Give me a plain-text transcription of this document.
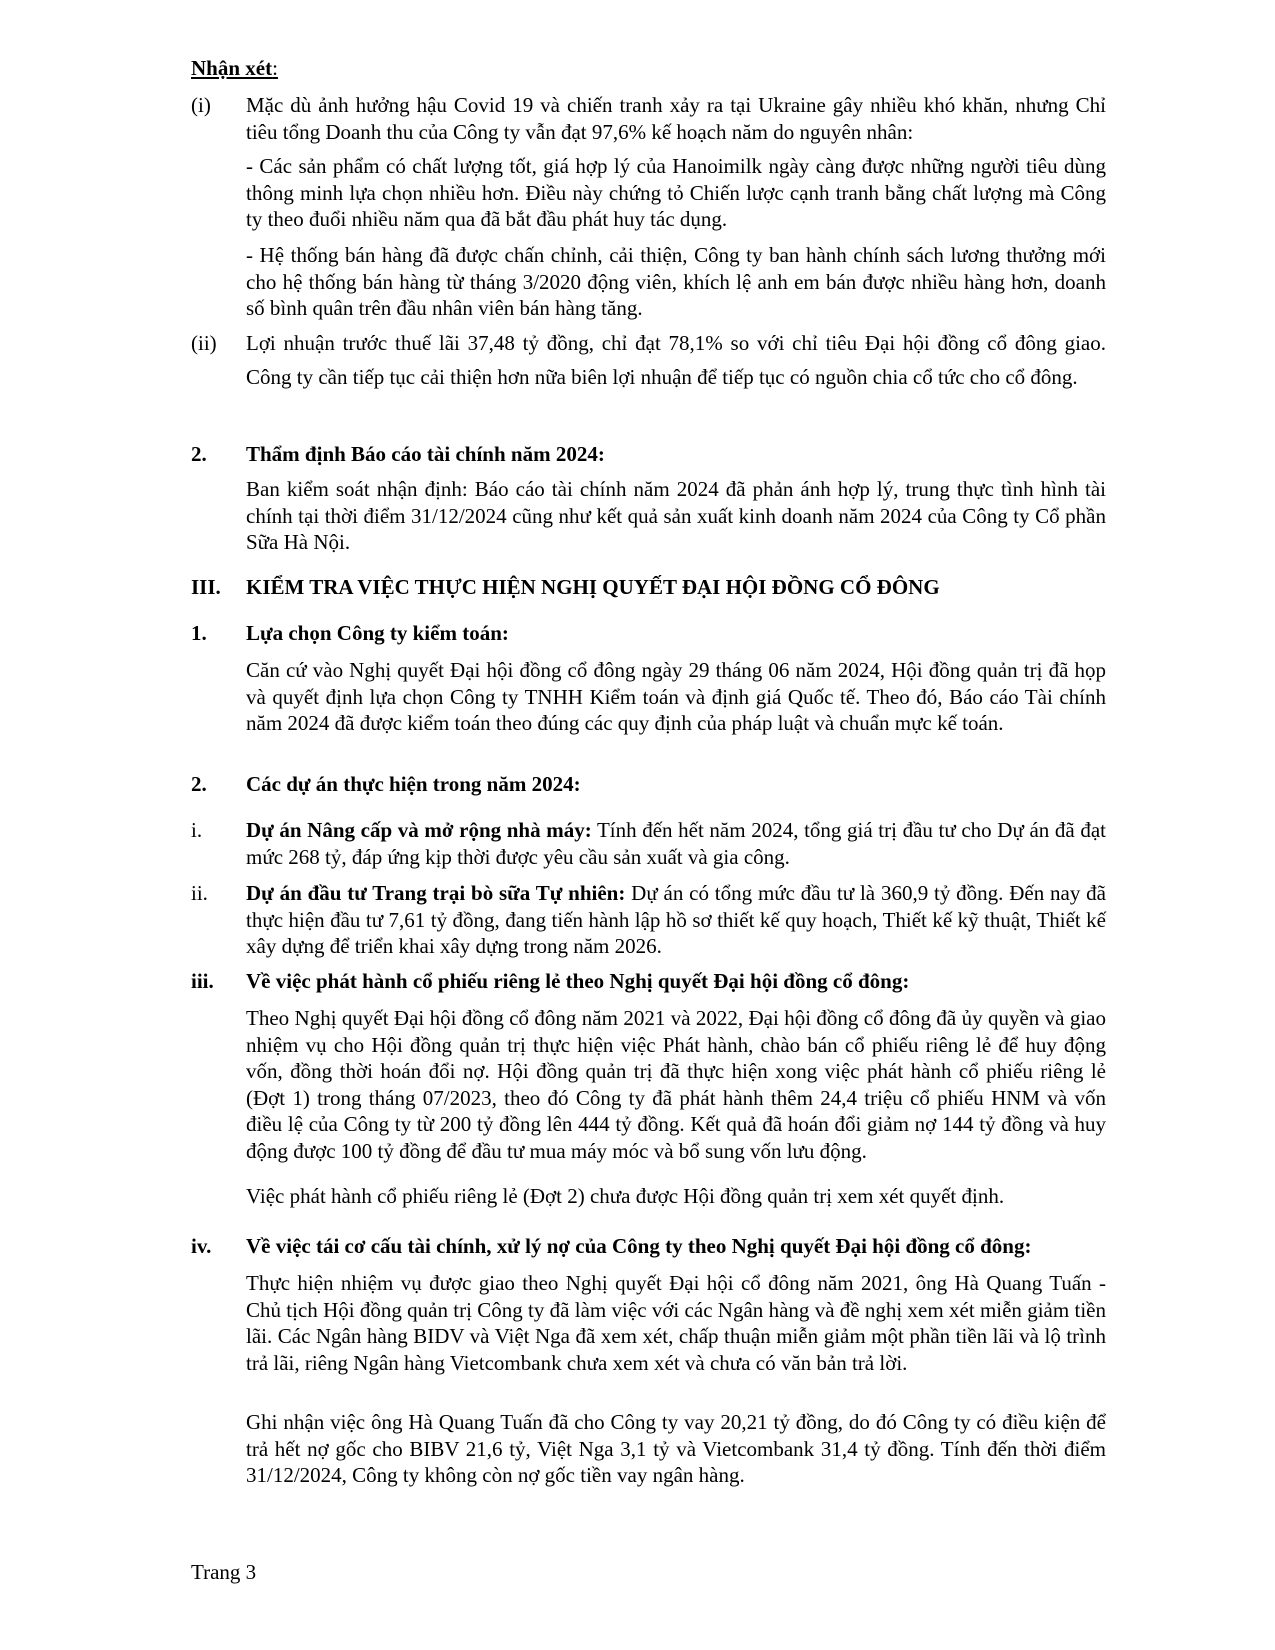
Nhận xét:
(i)	Mặc dù ảnh hưởng hậu Covid 19 và chiến tranh xảy ra tại Ukraine gây nhiều khó khăn, nhưng Chỉ tiêu tổng Doanh thu của Công ty vẫn đạt 97,6% kế hoạch năm do nguyên nhân:
- Các sản phẩm có chất lượng tốt, giá hợp lý của Hanoimilk ngày càng được những người tiêu dùng thông minh lựa chọn nhiều hơn. Điều này chứng tỏ Chiến lược cạnh tranh bằng chất lượng mà Công ty theo đuổi nhiều năm qua đã bắt đầu phát huy tác dụng.
- Hệ thống bán hàng đã được chấn chỉnh, cải thiện, Công ty ban hành chính sách lương thưởng mới cho hệ thống bán hàng từ tháng 3/2020 động viên, khích lệ anh em bán được nhiều hàng hơn, doanh số bình quân trên đầu nhân viên bán hàng tăng.
(ii)	Lợi nhuận trước thuế lãi 37,48 tỷ đồng, chỉ đạt 78,1% so với chỉ tiêu Đại hội đồng cổ đông giao. Công ty cần tiếp tục cải thiện hơn nữa biên lợi nhuận để tiếp tục có nguồn chia cổ tức cho cổ đông.
2.	Thẩm định Báo cáo tài chính năm 2024:
Ban kiểm soát nhận định: Báo cáo tài chính năm 2024 đã phản ánh hợp lý, trung thực tình hình tài chính tại thời điểm 31/12/2024 cũng như kết quả sản xuất kinh doanh năm 2024 của Công ty Cổ phần Sữa Hà Nội.
III.	KIỂM TRA VIỆC THỰC HIỆN NGHỊ QUYẾT ĐẠI HỘI ĐỒNG CỔ ĐÔNG
1.	Lựa chọn Công ty kiểm toán:
Căn cứ vào Nghị quyết Đại hội đồng cổ đông ngày 29 tháng 06 năm 2024, Hội đồng quản trị đã họp và quyết định lựa chọn Công ty TNHH Kiểm toán và định giá Quốc tế. Theo đó, Báo cáo Tài chính năm 2024 đã được kiểm toán theo đúng các quy định của pháp luật và chuẩn mực kế toán.
2.	Các dự án thực hiện trong năm 2024:
i.	Dự án Nâng cấp và mở rộng nhà máy: Tính đến hết năm 2024, tổng giá trị đầu tư cho Dự án đã đạt mức 268 tỷ, đáp ứng kịp thời được yêu cầu sản xuất và gia công.
ii.	Dự án đầu tư Trang trại bò sữa Tự nhiên: Dự án có tổng mức đầu tư là 360,9 tỷ đồng. Đến nay đã thực hiện đầu tư 7,61 tỷ đồng, đang tiến hành lập hồ sơ thiết kế quy hoạch, Thiết kế kỹ thuật, Thiết kế xây dựng để triển khai xây dựng trong năm 2026.
iii.	Về việc phát hành cổ phiếu riêng lẻ theo Nghị quyết Đại hội đồng cổ đông:
Theo Nghị quyết Đại hội đồng cổ đông năm 2021 và 2022, Đại hội đồng cổ đông đã ủy quyền và giao nhiệm vụ cho Hội đồng quản trị thực hiện việc Phát hành, chào bán cổ phiếu riêng lẻ để huy động vốn, đồng thời hoán đổi nợ. Hội đồng quản trị đã thực hiện xong việc phát hành cổ phiếu riêng lẻ (Đợt 1) trong tháng 07/2023, theo đó Công ty đã phát hành thêm 24,4 triệu cổ phiếu HNM và vốn điều lệ của Công ty từ 200 tỷ đồng lên 444 tỷ đồng. Kết quả đã hoán đổi giảm nợ 144 tỷ đồng và huy động được 100 tỷ đồng để đầu tư mua máy móc và bổ sung vốn lưu động.
Việc phát hành cổ phiếu riêng lẻ (Đợt 2) chưa được Hội đồng quản trị xem xét quyết định.
iv.	Về việc tái cơ cấu tài chính, xử lý nợ của Công ty theo Nghị quyết Đại hội đồng cổ đông:
Thực hiện nhiệm vụ được giao theo Nghị quyết Đại hội cổ đông năm 2021, ông Hà Quang Tuấn - Chủ tịch Hội đồng quản trị Công ty đã làm việc với các Ngân hàng và đề nghị xem xét miễn giảm tiền lãi. Các Ngân hàng BIDV và Việt Nga đã xem xét, chấp thuận miễn giảm một phần tiền lãi và lộ trình trả lãi, riêng Ngân hàng Vietcombank chưa xem xét và chưa có văn bản trả lời.
Ghi nhận việc ông Hà Quang Tuấn đã cho Công ty vay 20,21 tỷ đồng, do đó Công ty có điều kiện để trả hết nợ gốc cho BIBV 21,6 tỷ, Việt Nga 3,1 tỷ và Vietcombank 31,4 tỷ đồng. Tính đến thời điểm 31/12/2024, Công ty không còn nợ gốc tiền vay ngân hàng.
Trang 3
